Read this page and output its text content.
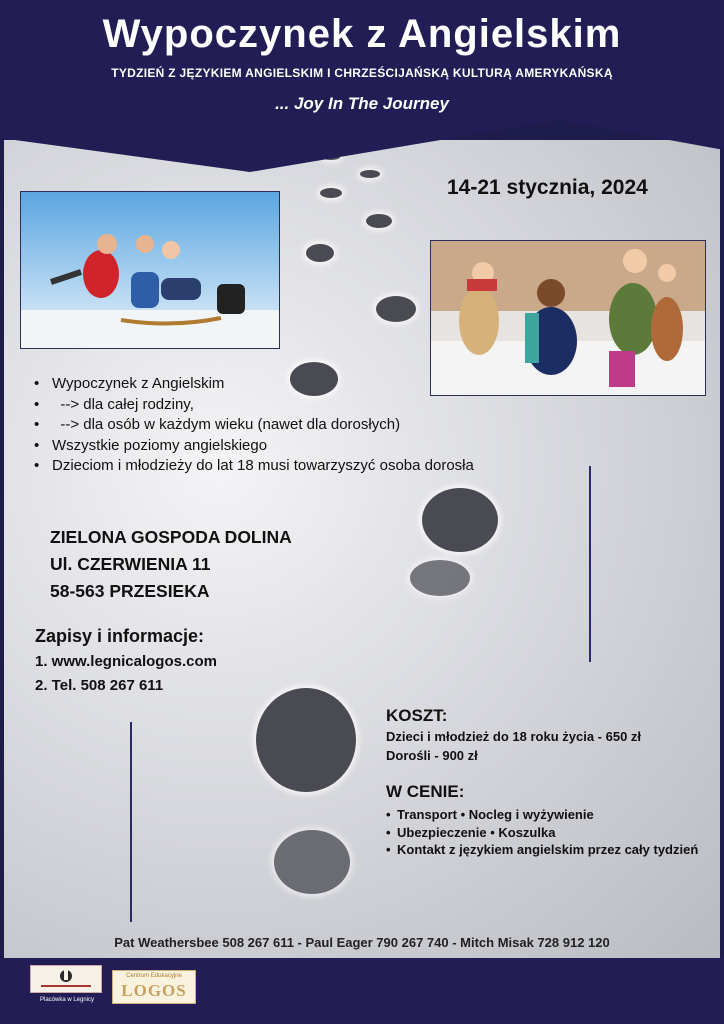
Wypoczynek z Angielskim
TYDZIEŃ Z JĘZYKIEM ANGIELSKIM I CHRZEŚCIJAŃSKĄ KULTURĄ AMERYKAŃSKĄ
... Joy In The Journey
14-21 stycznia, 2024
• Wypoczynek z Angielskim
•   --> dla całej rodziny,
•   --> dla osób w każdym wieku (nawet dla dorosłych)
• Wszystkie poziomy angielskiego
• Dzieciom i młodzieży do lat 18 musi towarzyszyć osoba dorosła
ZIELONA GOSPODA DOLINA
Ul. CZERWIENIA 11
58-563 PRZESIEKA
Zapisy i informacje:
1. www.legnicalogos.com
2. Tel. 508 267 611
KOSZT:
Dzieci i młodzież do 18 roku życia - 650 zł
Dorośli - 900 zł
W CENIE:
• Transport • Nocleg i wyżywienie
• Ubezpieczenie • Koszulka
• Kontakt z językiem angielskim przez cały tydzień
Pat Weathersbee 508 267 611 - Paul Eager 790 267 740 - Mitch Misak 728 912 120
Placówka w Legnicy
Centrum Edukacyjne
LOGOS
